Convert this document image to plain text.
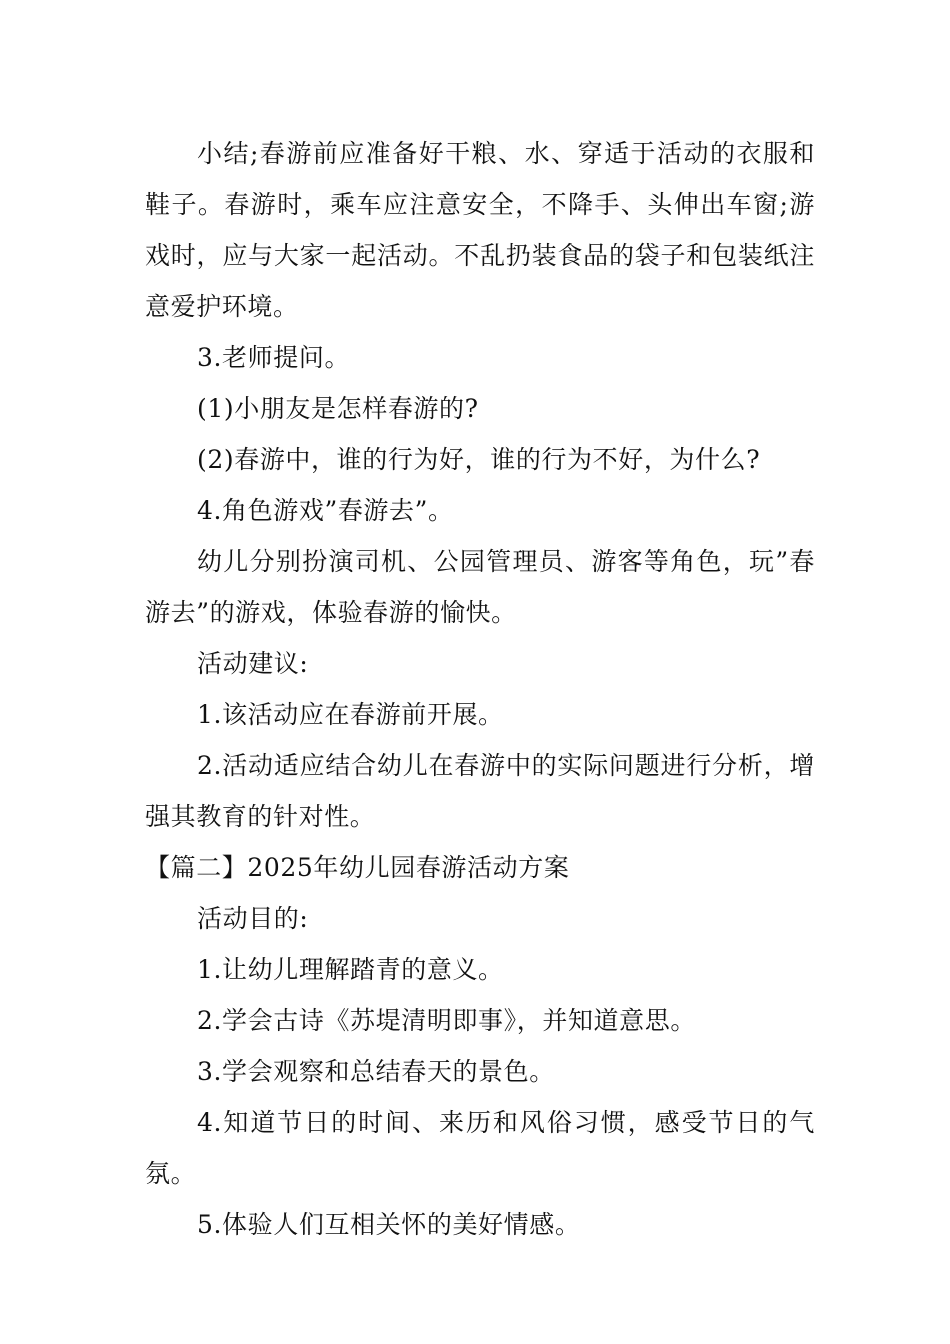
小结;春游前应准备好干粮、水、穿适于活动的衣服和鞋子。春游时，乘车应注意安全，不降手、头伸出车窗;游戏时，应与大家一起活动。不乱扔装食品的袋子和包装纸注意爱护环境。

3.老师提问。

(1)小朋友是怎样春游的?

(2)春游中，谁的行为好，谁的行为不好，为什么?

4.角色游戏”春游去”。

幼儿分别扮演司机、公园管理员、游客等角色，玩”春游去”的游戏，体验春游的愉快。

活动建议:

1.该活动应在春游前开展。

2.活动适应结合幼儿在春游中的实际问题进行分析，增强其教育的针对性。

【篇二】2025年幼儿园春游活动方案

活动目的:

1.让幼儿理解踏青的意义。

2.学会古诗《苏堤清明即事》，并知道意思。

3.学会观察和总结春天的景色。

4.知道节日的时间、来历和风俗习惯，感受节日的气氛。

5.体验人们互相关怀的美好情感。
